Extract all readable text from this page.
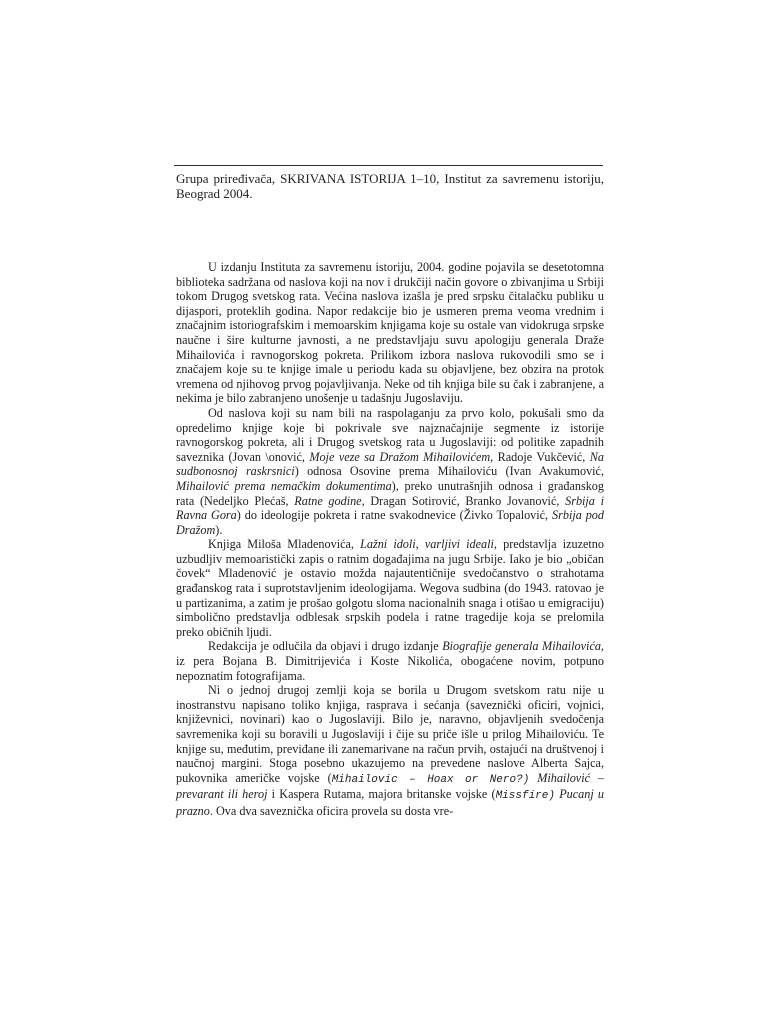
Grupa priređivača, SKRIVANA ISTORIJA 1–10, Institut za savremenu istoriju, Beograd 2004.

U izdanju Instituta za savremenu istoriju, 2004. godine pojavila se desetotomna biblioteka sadržana od naslova koji na nov i drukčiji način govore o zbivanjima u Srbiji tokom Drugog svetskog rata. Većina naslova izašla je pred srpsku čitalačku publiku u dijaspori, proteklih godina. Napor redakcije bio je usmeren prema veoma vrednim i značajnim istoriografskim i memoarskim knjigama koje su ostale van vidokruga srpske naučne i šire kulturne javnosti, a ne predstavljaju suvu apologiju generala Draže Mihailovića i ravnogorskog pokreta. Prilikom izbora naslova rukovodili smo se i značajem koje su te knjige imale u periodu kada su objavljene, bez obzira na protok vremena od njihovog prvog pojavljivanja. Neke od tih knjiga bile su čak i zabranjene, a nekima je bilo zabranjeno unošenje u tadašnju Jugoslaviju.

Od naslova koji su nam bili na raspolaganju za prvo kolo, pokušali smo da opredelimo knjige koje bi pokrivale sve najznačajnije segmente iz istorije ravnogorskog pokreta, ali i Drugog svetskog rata u Jugoslaviji: od politike zapadnih saveznika (Jovan \onović, Moje veze sa Dražom Mihailovićem, Radoje Vukčević, Na sudbonosnoj raskrsnici) odnosa Osovine prema Mihailoviću (Ivan Avakumović, Mihailović prema nemačkim dokumentima), preko unutrašnjih odnosa i građanskog rata (Nedeljko Plećaš, Ratne godine, Dragan Sotirović, Branko Jovanović, Srbija i Ravna Gora) do ideologije pokreta i ratne svakodnevice (Živko Topalović, Srbija pod Dražom).

Knjiga Miloša Mladenovića, Lažni idoli, varljivi ideali, predstavlja izuzetno uzbudljiv memoaristički zapis o ratnim događajima na jugu Srbije. Iako je bio „običan čovek“ Mladenović je ostavio možda najautentičnije svedočanstvo o strahotama građanskog rata i suprotstavljenim ideologijama. Wegova sudbina (do 1943. ratovao je u partizanima, a zatim je prošao golgotu sloma nacionalnih snaga i otišao u emigraciju) simbolično predstavlja odblesak srpskih podela i ratne tragedije koja se prelomila preko običnih ljudi.

Redakcija je odlučila da objavi i drugo izdanje Biografije generala Mihailovića, iz pera Bojana B. Dimitrijevića i Koste Nikolića, obogaćene novim, potpuno nepoznatim fotografijama.

Ni o jednoj drugoj zemlji koja se borila u Drugom svetskom ratu nije u inostranstvu napisano toliko knjiga, rasprava i sećanja (saveznički oficiri, vojnici, književnici, novinari) kao o Jugoslaviji. Bilo je, naravno, objavljenih svedočenja savremenika koji su boravili u Jugoslaviji i čije su priče išle u prilog Mihailoviću. Te knjige su, međutim, previđane ili zanemarivane na račun prvih, ostajući na društvenoj i naučnoj margini. Stoga posebno ukazujemo na prevedene naslove Alberta Sajca, pukovnika američke vojske (Mihailovic – Hoax or Nero?) Mihailović – prevarant ili heroj i Kaspera Rutama, majora britanske vojske (Missfire) Pucanj u prazno. Ova dva saveznička oficira provela su dosta vre-
